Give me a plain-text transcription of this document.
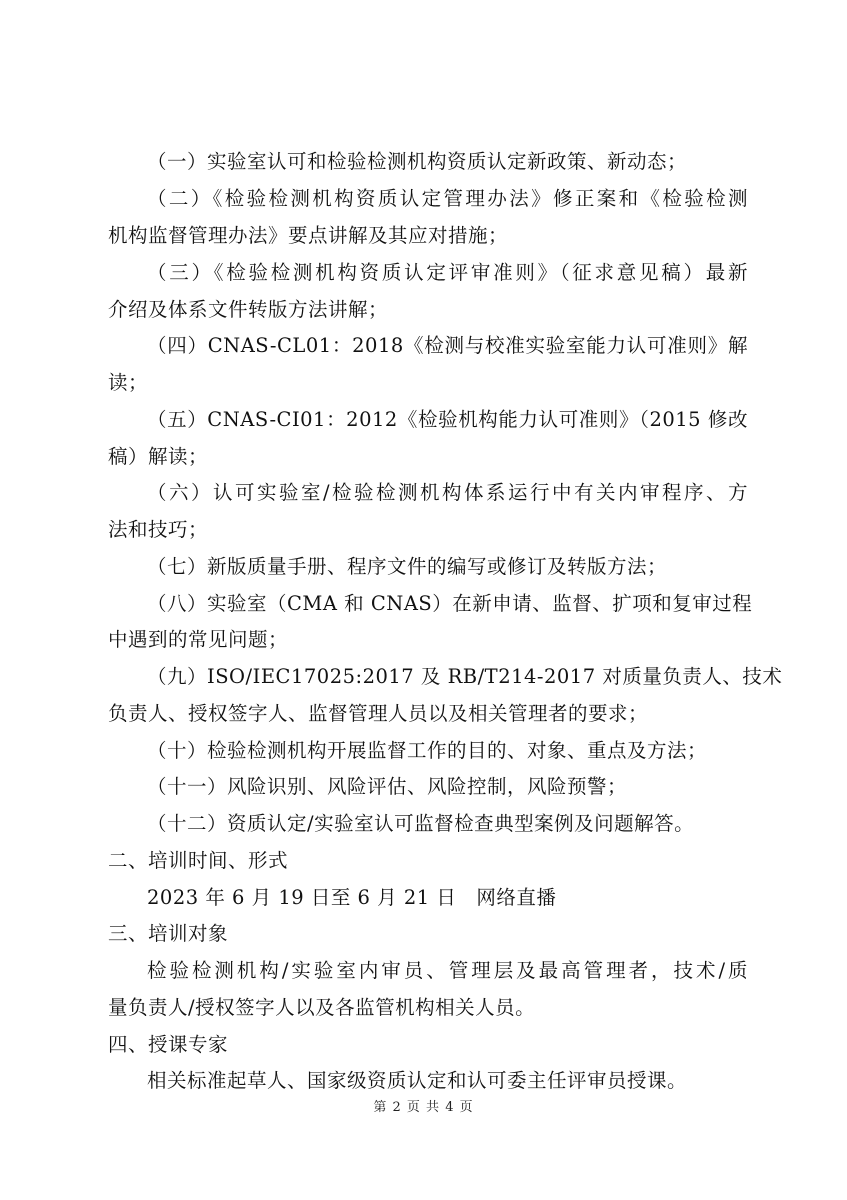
（一）实验室认可和检验检测机构资质认定新政策、新动态；
（二）《检验检测机构资质认定管理办法》修正案和《检验检测
机构监督管理办法》要点讲解及其应对措施；
（三）《检验检测机构资质认定评审准则》（征求意见稿）最新
介绍及体系文件转版方法讲解；
（四）CNAS-CL01：2018《检测与校准实验室能力认可准则》解
读；
（五）CNAS-CI01：2012《检验机构能力认可准则》（2015 修改
稿）解读；
（六）认可实验室/检验检测机构体系运行中有关内审程序、方
法和技巧；
（七）新版质量手册、程序文件的编写或修订及转版方法；
（八）实验室（CMA 和 CNAS）在新申请、监督、扩项和复审过程
中遇到的常见问题；
（九）ISO/IEC17025:2017 及 RB/T214-2017 对质量负责人、技术
负责人、授权签字人、监督管理人员以及相关管理者的要求；
（十）检验检测机构开展监督工作的目的、对象、重点及方法；
（十一）风险识别、风险评估、风险控制，风险预警；
（十二）资质认定/实验室认可监督检查典型案例及问题解答。
二、培训时间、形式
2023 年 6 月 19 日至 6 月 21 日　网络直播
三、培训对象
检验检测机构/实验室内审员、管理层及最高管理者，技术/质
量负责人/授权签字人以及各监管机构相关人员。
四、授课专家
相关标准起草人、国家级资质认定和认可委主任评审员授课。
第 2 页 共 4 页
